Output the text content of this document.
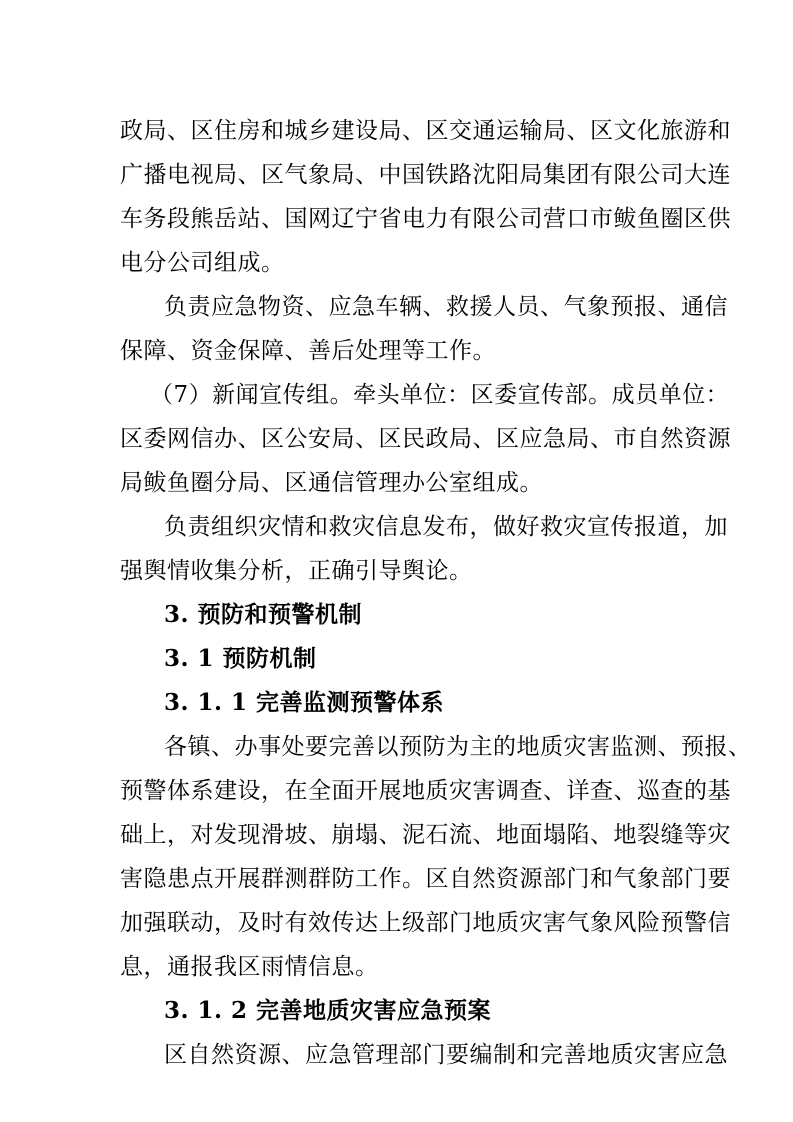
政局、区住房和城乡建设局、区交通运输局、区文化旅游和
广播电视局、区气象局、中国铁路沈阳局集团有限公司大连
车务段熊岳站、国网辽宁省电力有限公司营口市鲅鱼圈区供
电分公司组成。
负责应急物资、应急车辆、救援人员、气象预报、通信
保障、资金保障、善后处理等工作。
（7）新闻宣传组。牵头单位：区委宣传部。成员单位：
区委网信办、区公安局、区民政局、区应急局、市自然资源
局鲅鱼圈分局、区通信管理办公室组成。
负责组织灾情和救灾信息发布，做好救灾宣传报道，加
强舆情收集分析，正确引导舆论。
3. 预防和预警机制
3. 1 预防机制
3. 1. 1 完善监测预警体系
各镇、办事处要完善以预防为主的地质灾害监测、预报、
预警体系建设，在全面开展地质灾害调查、详查、巡查的基
础上，对发现滑坡、崩塌、泥石流、地面塌陷、地裂缝等灾
害隐患点开展群测群防工作。区自然资源部门和气象部门要
加强联动，及时有效传达上级部门地质灾害气象风险预警信
息，通报我区雨情信息。
3. 1. 2 完善地质灾害应急预案
区自然资源、应急管理部门要编制和完善地质灾害应急
